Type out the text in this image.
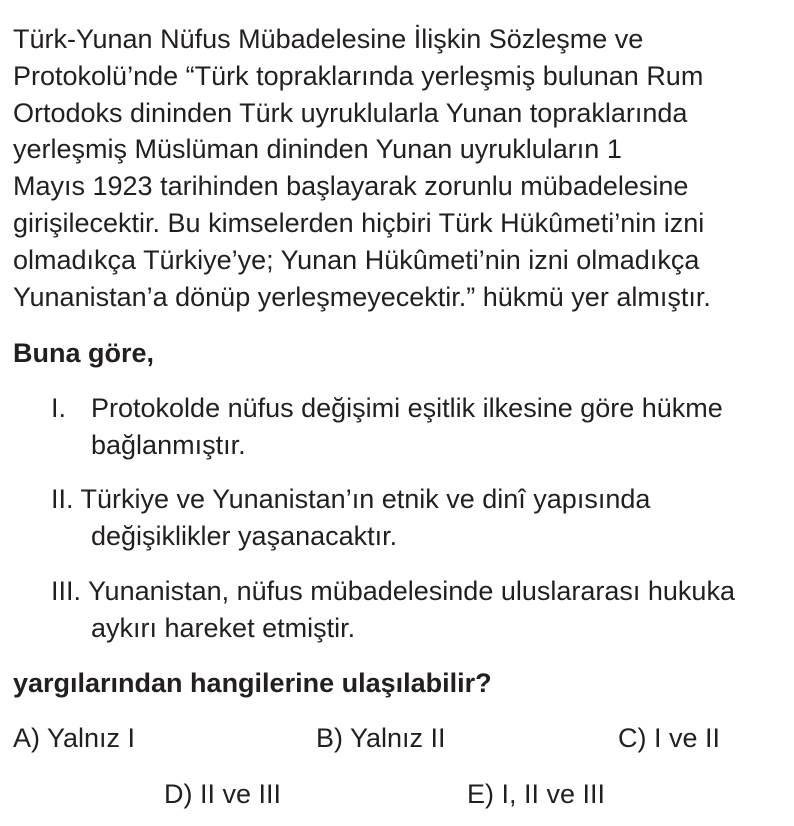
Türk-Yunan Nüfus Mübadelesine İlişkin Sözleşme ve
Protokolü’nde “Türk topraklarında yerleşmiş bulunan Rum
Ortodoks dininden Türk uyruklularla Yunan topraklarında
yerleşmiş Müslüman dininden Yunan uyrukluların 1
Mayıs 1923 tarihinden başlayarak zorunlu mübadelesine
girişilecektir. Bu kimselerden hiçbiri Türk Hükûmeti’nin izni
olmadıkça Türkiye’ye; Yunan Hükûmeti’nin izni olmadıkça
Yunanistan’a dönüp yerleşmeyecektir.” hükmü yer almıştır.
Buna göre,
I. Protokolde nüfus değişimi eşitlik ilkesine göre hükme
bağlanmıştır.
II. Türkiye ve Yunanistan’ın etnik ve dinî yapısında
değişiklikler yaşanacaktır.
III. Yunanistan, nüfus mübadelesinde uluslararası hukuka
aykırı hareket etmiştir.
yargılarından hangilerine ulaşılabilir?
A) Yalnız I	B) Yalnız II	C) I ve II
D) II ve III	E) I, II ve III
